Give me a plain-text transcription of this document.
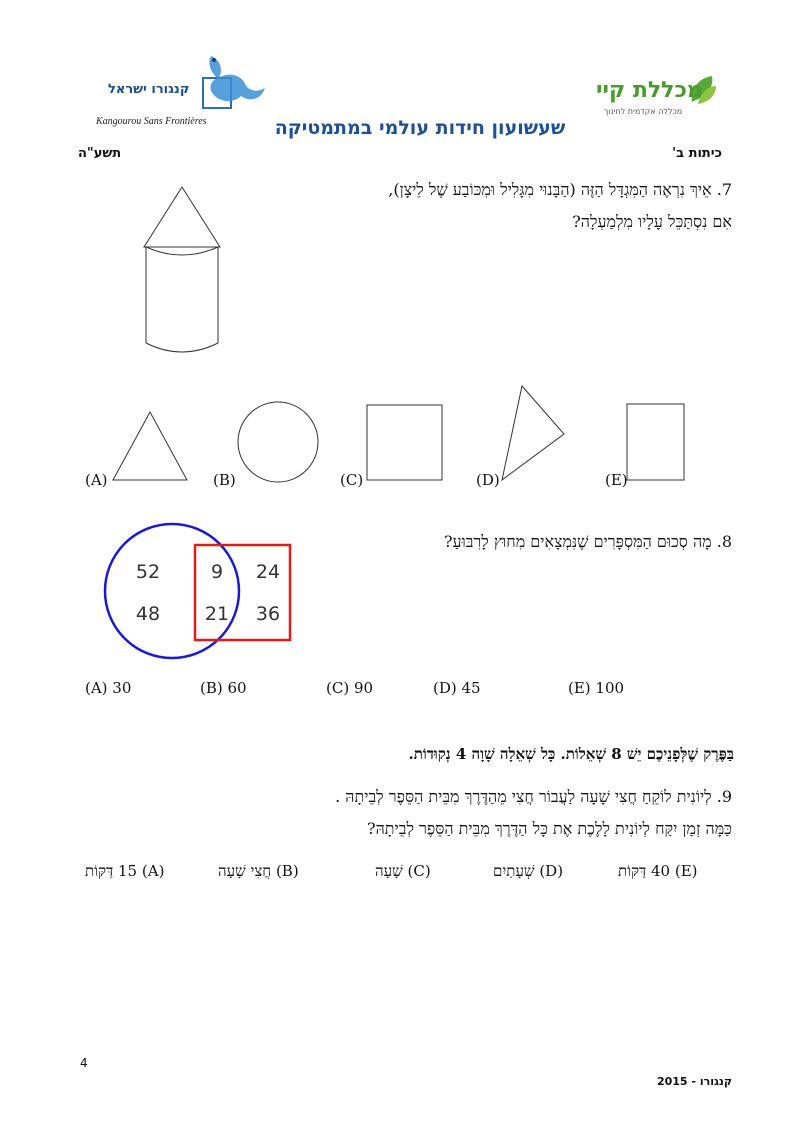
קנגורו ישראל
Kangourou Sans Frontières
מכללת קיי
מכללה אקדמית לחינוך
שעשועון חידות עולמי במתמטיקה
כיתות ב'
תשע"ה
7. אֵיךְ נִרְאֶה הַמִּגְדָּל הַזֶּה (הַבָּנוּי מִגָּלִיל וּמִכּוֹבַע שֶׁל לֵיצָן),
אִם נִסְתַּכֵּל עָלָיו מִלְמַעְלָה?
(A)	(B)	(C)	(D)	(E)
8. מָה סְכוּם הַמִּסְפָּרִים שֶׁנִּמְצָאִים מִחוּץ לָרִבּוּעַ?
52	9 24
48 21 36
(A) 30	(B) 60	(C) 90	(D) 45	(E) 100
בַּפֶּרֶק שֶׁלְּפָנֵיכֶם יֵשׁ 8 שְׁאֵלוֹת. כָּל שְׁאֵלָה שָׁוָה 4 נְקוּדוֹת.
9. לְיוֹנִית לוֹקֵחַ חֲצִי שָׁעָה לַעֲבוֹר חֲצִי מֵהַדֶּרֶךְ מִבֵּית הַסֵּפֶר לְבֵיתָהּ .
כַּמָּה זְמַן יִקַּח לְיוֹנִית לָלֶכֶת אֶת כָּל הַדֶּרֶךְ מִבֵּית הַסֵּפֶר לְבֵיתָהּ?
(A) 15 דַּקּוֹת	(B) חֲצִי שָׁעָה	(C) שָׁעָה	(D) שְׁעָתַיִם	(E) 40 דַּקּוֹת
4
קנגורו - 2015
